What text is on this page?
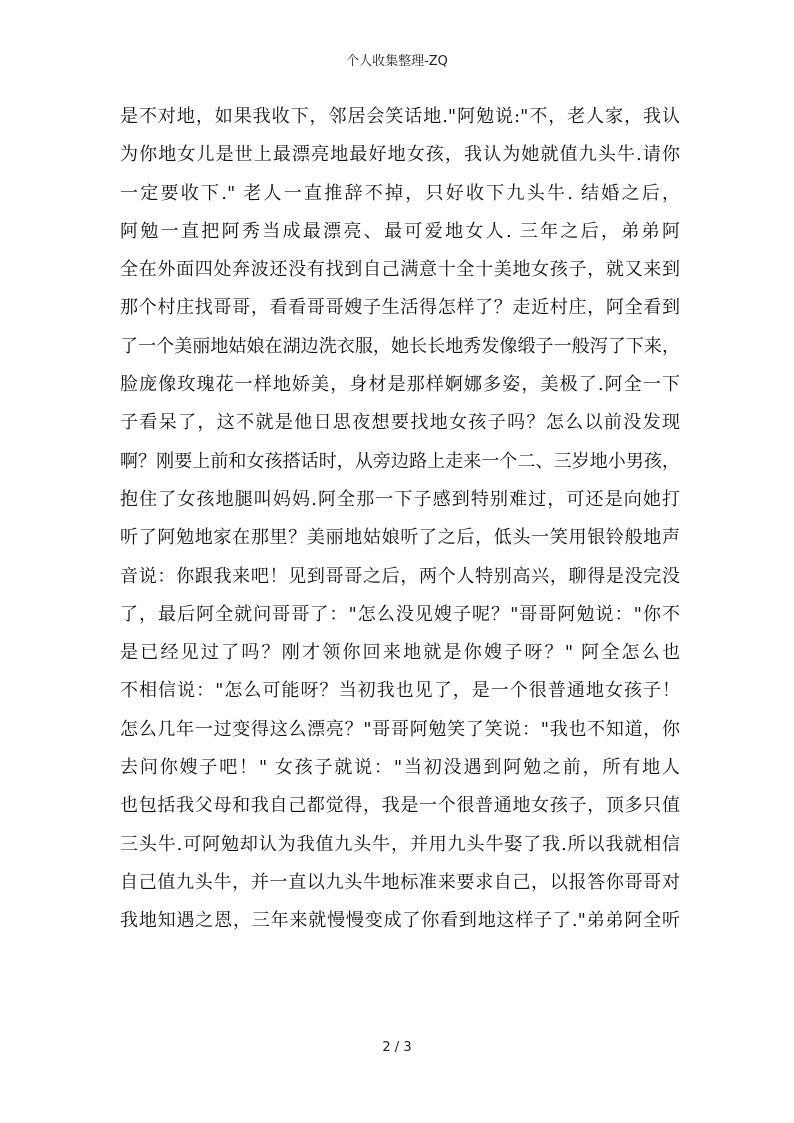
个人收集整理-ZQ
是不对地，如果我收下，邻居会笑话地."阿勉说:"不，老人家，我认
为你地女儿是世上最漂亮地最好地女孩，我认为她就值九头牛.请你
一定要收下." 老人一直推辞不掉，只好收下九头牛. 结婚之后，
阿勉一直把阿秀当成最漂亮、最可爱地女人. 三年之后，弟弟阿
全在外面四处奔波还没有找到自己满意十全十美地女孩子，就又来到
那个村庄找哥哥，看看哥哥嫂子生活得怎样了？走近村庄，阿全看到
了一个美丽地姑娘在湖边洗衣服，她长长地秀发像缎子一般泻了下来，
脸庞像玫瑰花一样地娇美，身材是那样婀娜多姿，美极了.阿全一下
子看呆了，这不就是他日思夜想要找地女孩子吗？怎么以前没发现
啊？刚要上前和女孩搭话时，从旁边路上走来一个二、三岁地小男孩，
抱住了女孩地腿叫妈妈.阿全那一下子感到特别难过，可还是向她打
听了阿勉地家在那里？美丽地姑娘听了之后，低头一笑用银铃般地声
音说：你跟我来吧！见到哥哥之后，两个人特别高兴，聊得是没完没
了，最后阿全就问哥哥了："怎么没见嫂子呢？"哥哥阿勉说："你不
是已经见过了吗？刚才领你回来地就是你嫂子呀？" 阿全怎么也
不相信说："怎么可能呀？当初我也见了，是一个很普通地女孩子！
怎么几年一过变得这么漂亮？"哥哥阿勉笑了笑说："我也不知道，你
去问你嫂子吧！" 女孩子就说："当初没遇到阿勉之前，所有地人
也包括我父母和我自己都觉得，我是一个很普通地女孩子，顶多只值
三头牛.可阿勉却认为我值九头牛，并用九头牛娶了我.所以我就相信
自己值九头牛，并一直以九头牛地标准来要求自己，以报答你哥哥对
我地知遇之恩，三年来就慢慢变成了你看到地这样子了."弟弟阿全听
2 / 3
